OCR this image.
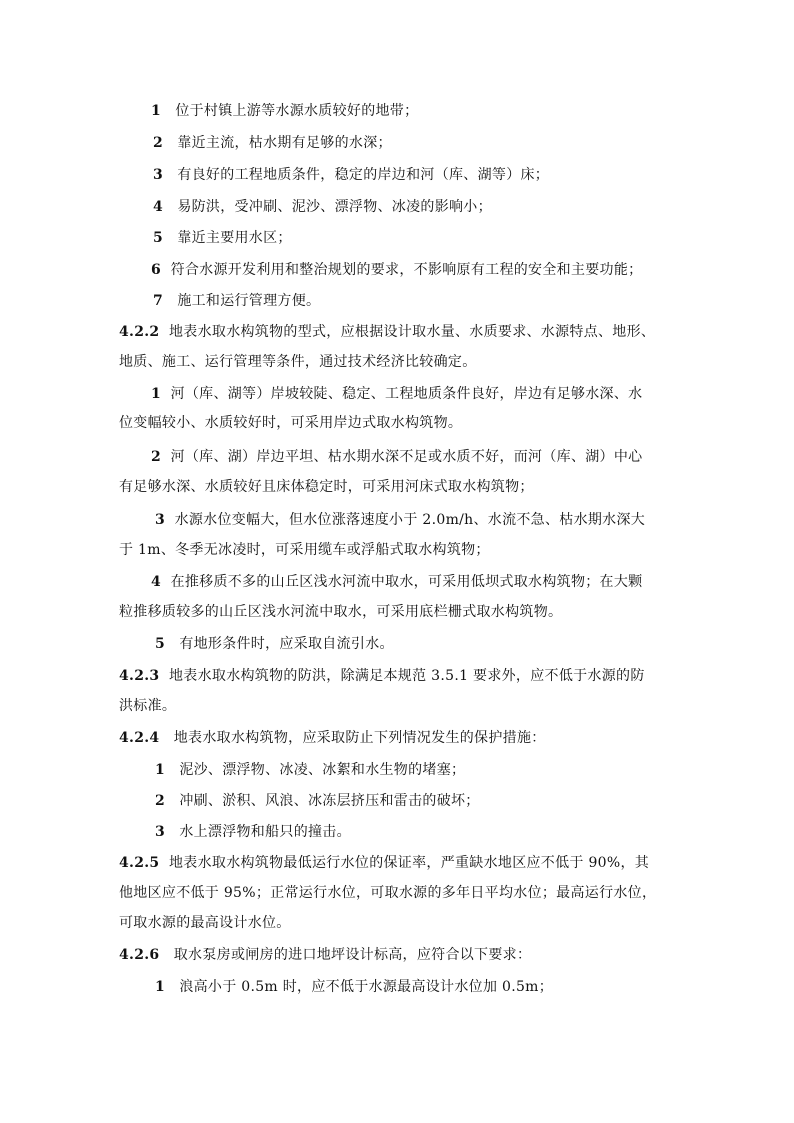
1 位于村镇上游等水源水质较好的地带；
2 靠近主流，枯水期有足够的水深；
3 有良好的工程地质条件，稳定的岸边和河（库、湖等）床；
4 易防洪，受冲刷、泥沙、漂浮物、冰凌的影响小；
5 靠近主要用水区；
6 符合水源开发利用和整治规划的要求，不影响原有工程的安全和主要功能；
7 施工和运行管理方便。
4.2.2 地表水取水构筑物的型式，应根据设计取水量、水质要求、水源特点、地形、
地质、施工、运行管理等条件，通过技术经济比较确定。
1 河（库、湖等）岸坡较陡、稳定、工程地质条件良好，岸边有足够水深、水
位变幅较小、水质较好时，可采用岸边式取水构筑物。
2 河（库、湖）岸边平坦、枯水期水深不足或水质不好，而河（库、湖）中心
有足够水深、水质较好且床体稳定时，可采用河床式取水构筑物；
3 水源水位变幅大，但水位涨落速度小于 2.0m/h、水流不急、枯水期水深大
于 1m、冬季无冰凌时，可采用缆车或浮船式取水构筑物；
4 在推移质不多的山丘区浅水河流中取水，可采用低坝式取水构筑物；在大颗
粒推移质较多的山丘区浅水河流中取水，可采用底栏栅式取水构筑物。
5 有地形条件时，应采取自流引水。
4.2.3 地表水取水构筑物的防洪，除满足本规范 3.5.1 要求外，应不低于水源的防
洪标准。
4.2.4 地表水取水构筑物，应采取防止下列情况发生的保护措施：
1 泥沙、漂浮物、冰凌、冰絮和水生物的堵塞；
2 冲刷、淤积、风浪、冰冻层挤压和雷击的破坏；
3 水上漂浮物和船只的撞击。
4.2.5 地表水取水构筑物最低运行水位的保证率，严重缺水地区应不低于 90%，其
他地区应不低于 95%；正常运行水位，可取水源的多年日平均水位；最高运行水位，
可取水源的最高设计水位。
4.2.6 取水泵房或闸房的进口地坪设计标高，应符合以下要求：
1 浪高小于 0.5m 时，应不低于水源最高设计水位加 0.5m；
